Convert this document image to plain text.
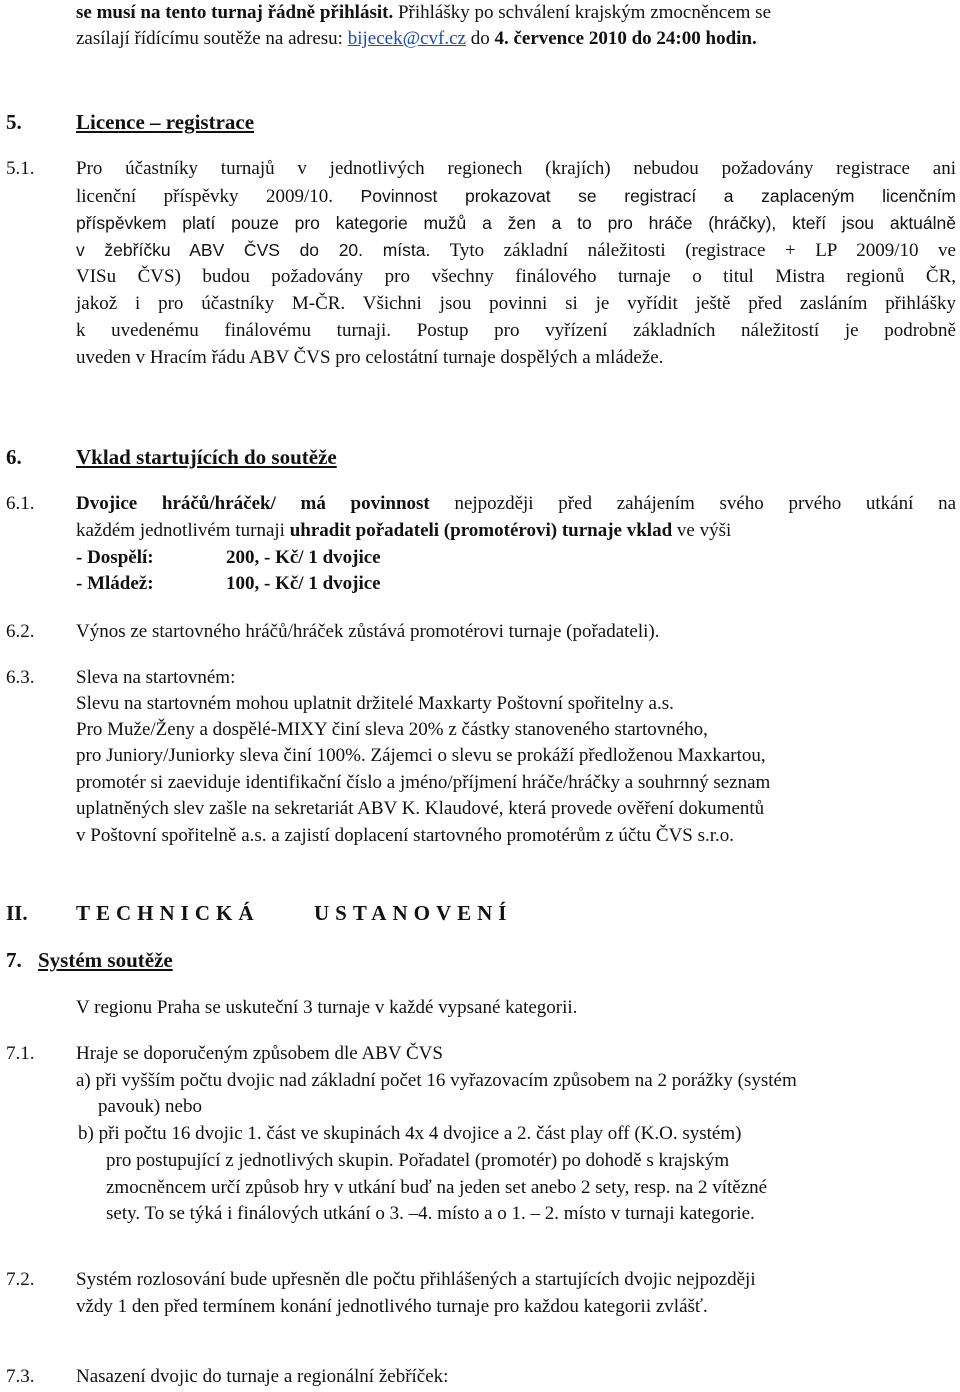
se musí na tento turnaj řádně přihlásit. Přihlášky po schválení krajským zmocněncem se
zasílají řídícímu soutěže na adresu: bijecek@cvf.cz do 4. července 2010 do 24:00 hodin.
5.	Licence – registrace
5.1. Pro účastníky turnajů v jednotlivých regionech (krajích) nebudou požadovány registrace ani
licenční příspěvky 2009/10. Povinnost prokazovat se registrací a zaplaceným licenčním
příspěvkem platí pouze pro kategorie mužů a žen a to pro hráče (hráčky), kteří jsou aktuálně
v žebříčku ABV ČVS do 20. místa. Tyto základní náležitosti (registrace + LP 2009/10 ve
VISu ČVS) budou požadovány pro všechny finálového turnaje o titul Mistra regionů ČR,
jakož i pro účastníky M-ČR. Všichni jsou povinni si je vyřídit ještě před zasláním přihlášky
k uvedenému finálovému turnaji. Postup pro vyřízení základních náležitostí je podrobně
uveden v Hracím řádu ABV ČVS pro celostátní turnaje dospělých a mládeže.
6.	Vklad startujících do soutěže
6.1. Dvojice hráčů/hráček/ má povinnost nejpozději před zahájením svého prvého utkání na
každém jednotlivém turnaji uhradit pořadateli (promotérovi) turnaje vklad ve výši
- Dospělí:	200, - Kč/ 1 dvojice
- Mládež:	100, - Kč/ 1 dvojice
6.2. Výnos ze startovného hráčů/hráček zůstává promotérovi turnaje (pořadateli).
6.3. Sleva na startovném:
Slevu na startovném mohou uplatnit držitelé Maxkarty Poštovní spořitelny a.s.
Pro Muže/Ženy a dospělé-MIXY činí sleva 20% z částky stanoveného startovného,
pro Juniory/Juniorky sleva činí 100%. Zájemci o slevu se prokáží předloženou Maxkartou,
promotér si zaeviduje identifikační číslo a jméno/příjmení hráče/hráčky a souhrnný seznam
uplatněných slev zašle na sekretariát ABV K. Klaudové, která provede ověření dokumentů
v Poštovní spořitelně a.s. a zajistí doplacení startovného promotérům z účtu ČVS s.r.o.
II. TECHNICKÁ	USTANOVENÍ
7. Systém soutěže
V regionu Praha se uskuteční 3 turnaje v každé vypsané kategorii.
7.1. Hraje se doporučeným způsobem dle ABV ČVS
a) při vyšším počtu dvojic nad základní počet 16 vyřazovacím způsobem na 2 porážky (systém
pavouk) nebo
b) při počtu 16 dvojic 1. část ve skupinách 4x 4 dvojice a 2. část play off (K.O. systém)
pro postupující z jednotlivých skupin. Pořadatel (promotér) po dohodě s krajským
zmocněncem určí způsob hry v utkání buď na jeden set anebo 2 sety, resp. na 2 vítězné
sety. To se týká i finálových utkání o 3. –4. místo a o 1. – 2. místo v turnaji kategorie.
7.2. Systém rozlosování bude upřesněn dle počtu přihlášených a startujících dvojic nejpozději
vždy 1 den před termínem konání jednotlivého turnaje pro každou kategorii zvlášť.
7.3. Nasazení dvojic do turnaje a regionální žebříček:
